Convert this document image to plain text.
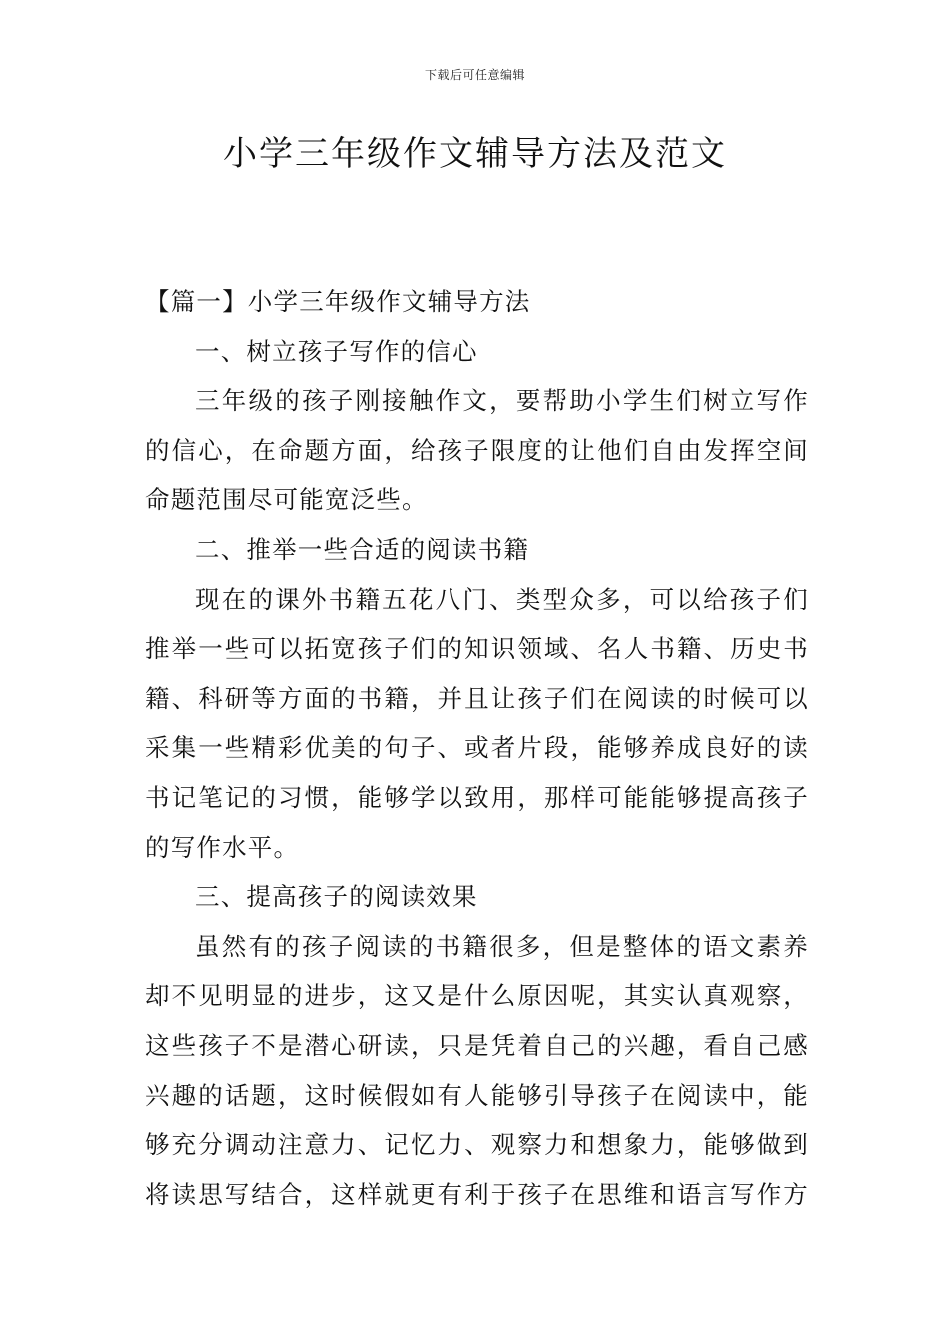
下载后可任意编辑
小学三年级作文辅导方法及范文
【篇一】小学三年级作文辅导方法
一、树立孩子写作的信心
三年级的孩子刚接触作文，要帮助小学生们树立写作
的信心，在命题方面，给孩子限度的让他们自由发挥空间
命题范围尽可能宽泛些。
二、推举一些合适的阅读书籍
现在的课外书籍五花八门、类型众多，可以给孩子们
推举一些可以拓宽孩子们的知识领域、名人书籍、历史书
籍、科研等方面的书籍，并且让孩子们在阅读的时候可以
采集一些精彩优美的句子、或者片段，能够养成良好的读
书记笔记的习惯，能够学以致用，那样可能能够提高孩子
的写作水平。
三、提高孩子的阅读效果
虽然有的孩子阅读的书籍很多，但是整体的语文素养
却不见明显的进步，这又是什么原因呢，其实认真观察，
这些孩子不是潜心研读，只是凭着自己的兴趣，看自己感
兴趣的话题，这时候假如有人能够引导孩子在阅读中，能
够充分调动注意力、记忆力、观察力和想象力，能够做到
将读思写结合，这样就更有利于孩子在思维和语言写作方
